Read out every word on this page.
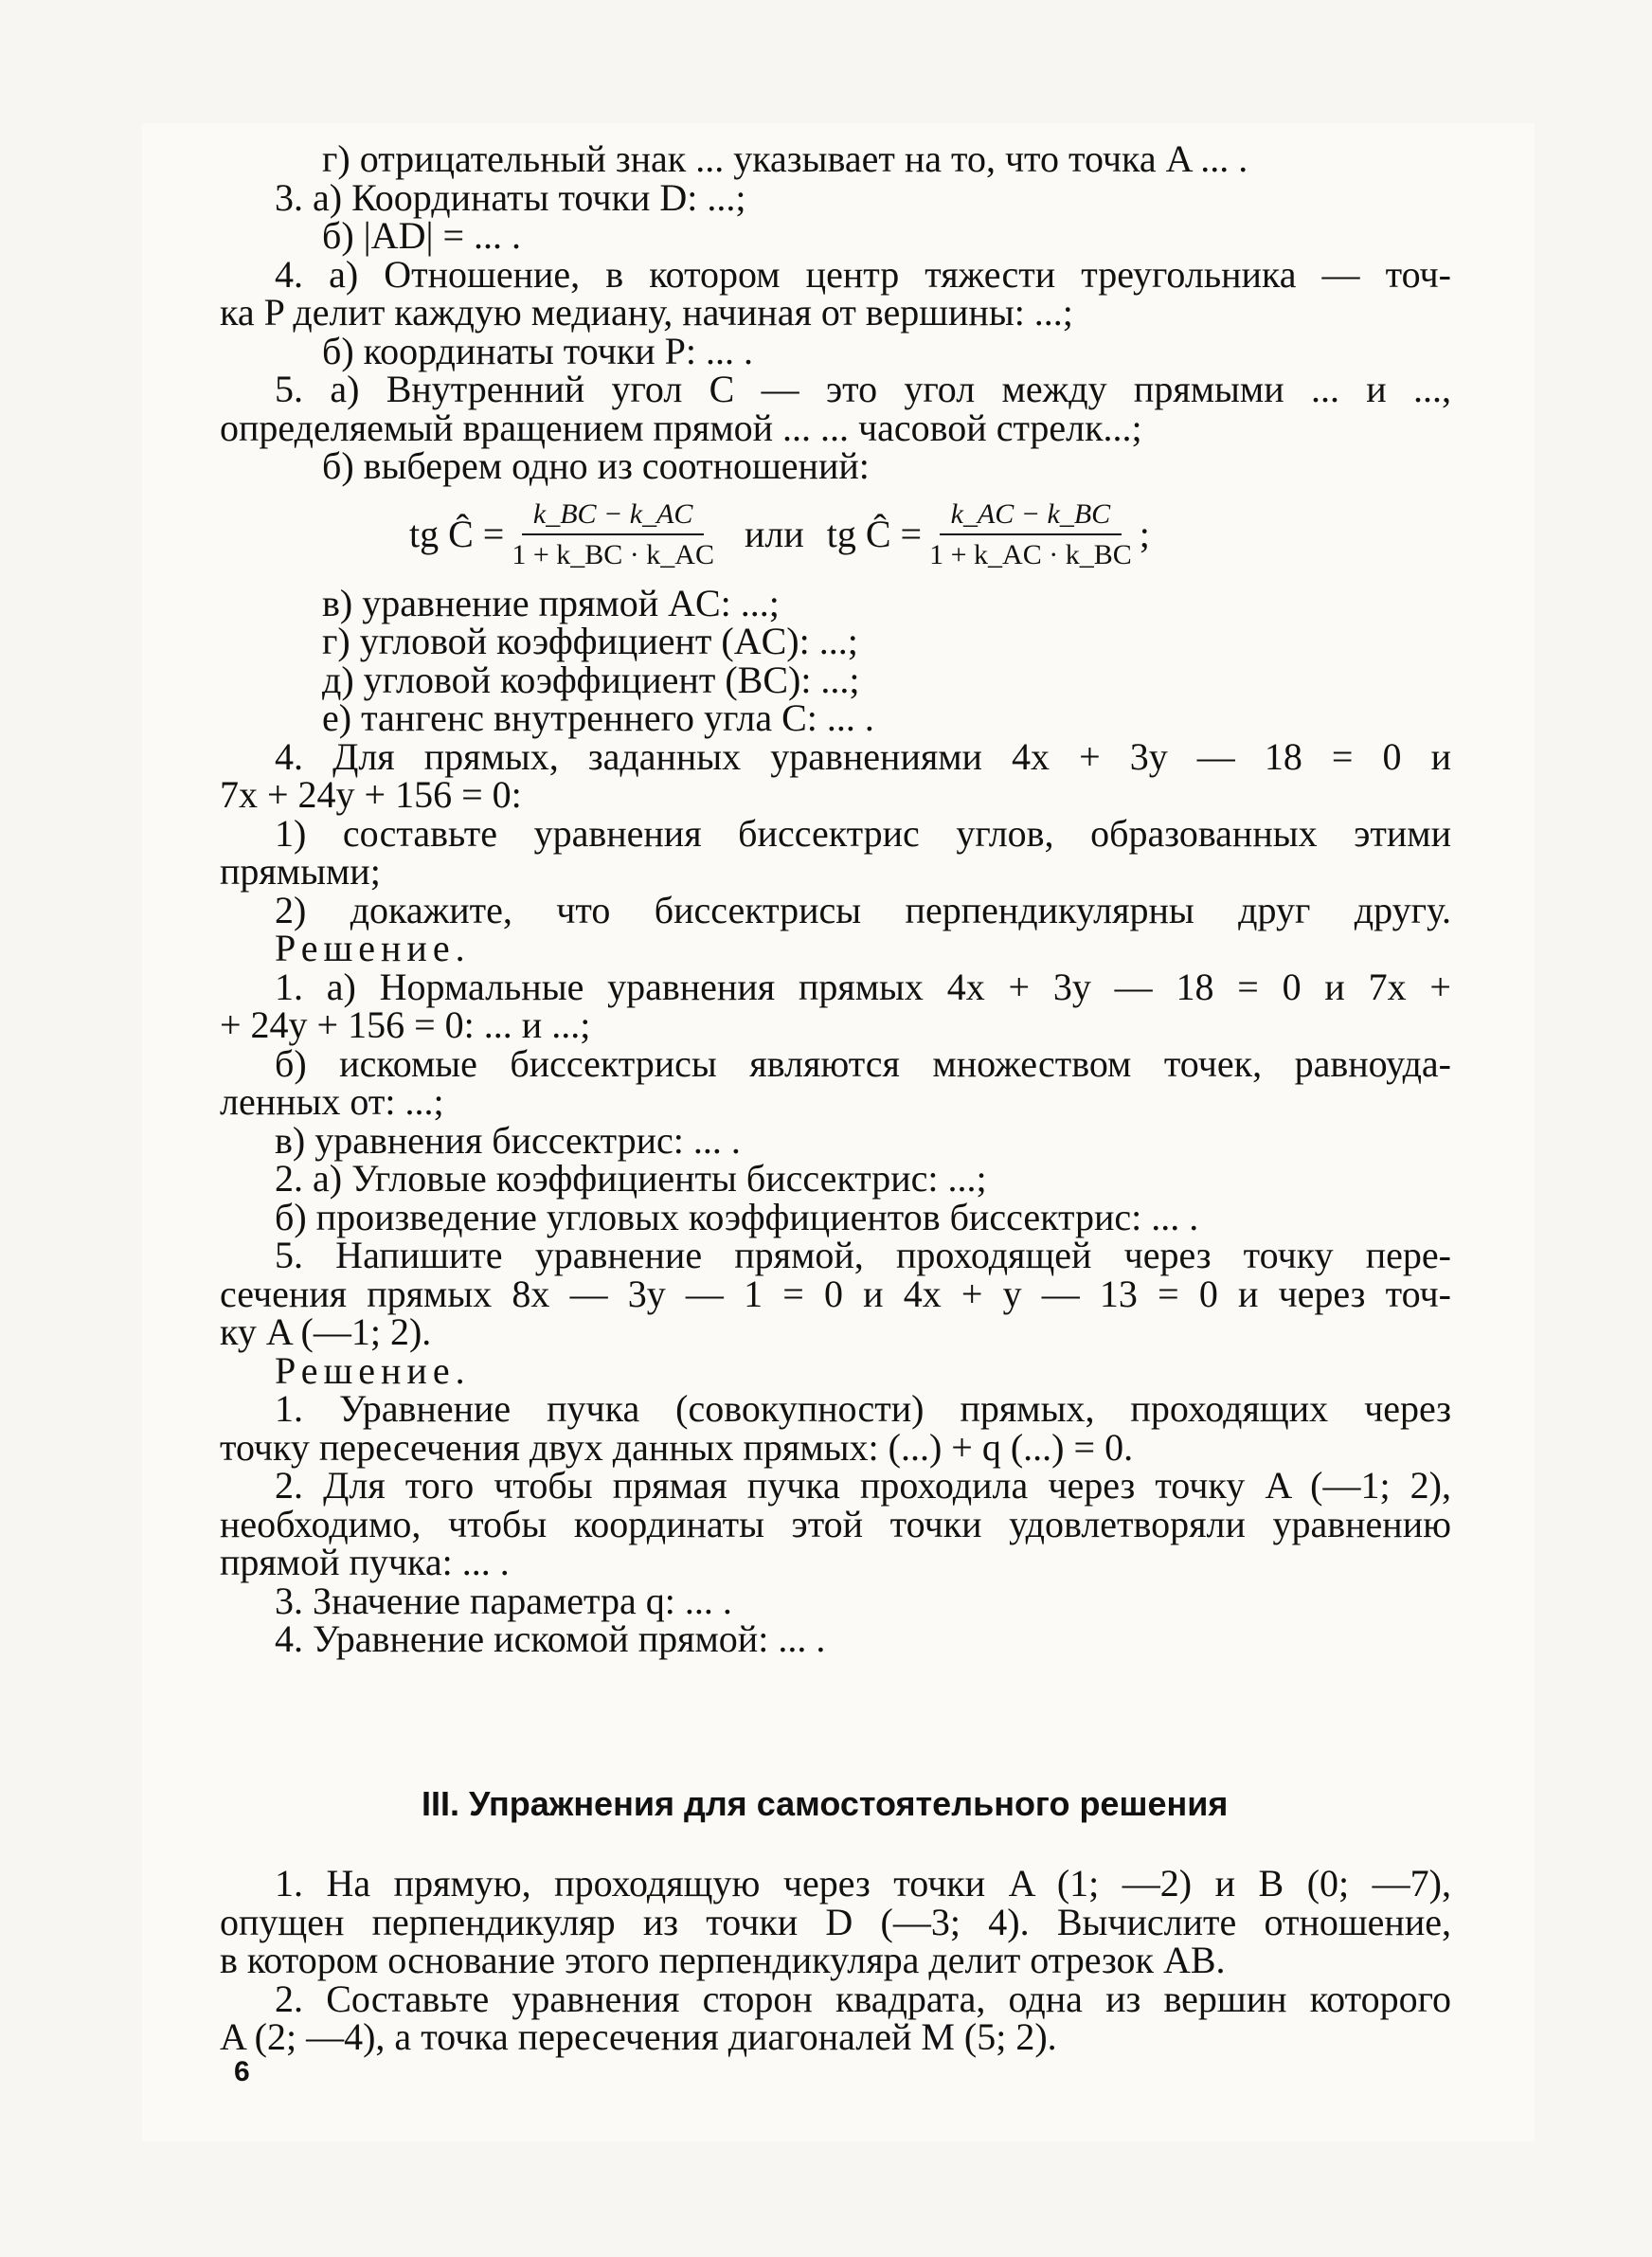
г) отрицательный знак ... указывает на то, что точка A ... .
3. а) Координаты точки D: ...;
б) |AD| = ... .
4. а) Отношение, в котором центр тяжести треугольника — точ-
ка P делит каждую медиану, начиная от вершины: ...;
б) координаты точки P: ... .
5. а) Внутренний угол C — это угол между прямыми ... и ...,
определяемый вращением прямой ... ... часовой стрелк...;
б) выберем одно из соотношений:
tg Ĉ = $\frac{k\_BC - k\_AC}{1 + k\_BC \cdot k\_AC}$ или tg Ĉ = $\frac{k\_AC - k\_BC}{1 + k\_AC \cdot k\_BC}$ ;
в) уравнение прямой AC: ...;
г) угловой коэффициент (AC): ...;
д) угловой коэффициент (BC): ...;
е) тангенс внутреннего угла C: ... .
4. Для прямых, заданных уравнениями 4x + 3y — 18 = 0 и
7x + 24y + 156 = 0:
1) составьте уравнения биссектрис углов, образованных этими
прямыми;
2) докажите, что биссектрисы перпендикулярны друг другу.
Решение.
1. а) Нормальные уравнения прямых 4x + 3y — 18 = 0 и 7x +
+ 24y + 156 = 0: ... и ...;
б) искомые биссектрисы являются множеством точек, равноуда-
ленных от: ...;
в) уравнения биссектрис: ... .
2. а) Угловые коэффициенты биссектрис: ...;
б) произведение угловых коэффициентов биссектрис: ... .
5. Напишите уравнение прямой, проходящей через точку пере-
сечения прямых 8x — 3y — 1 = 0 и 4x + y — 13 = 0 и через точ-
ку A (—1; 2).
Решение.
1. Уравнение пучка (совокупности) прямых, проходящих через
точку пересечения двух данных прямых: (...) + q (...) = 0.
2. Для того чтобы прямая пучка проходила через точку A (—1; 2),
необходимо, чтобы координаты этой точки удовлетворяли уравнению
прямой пучка: ... .
3. Значение параметра q: ... .
4. Уравнение искомой прямой: ... .
III. Упражнения для самостоятельного решения
1. На прямую, проходящую через точки A (1; —2) и B (0; —7),
опущен перпендикуляр из точки D (—3; 4). Вычислите отношение,
в котором основание этого перпендикуляра делит отрезок AB.
2. Составьте уравнения сторон квадрата, одна из вершин которого
A (2; —4), а точка пересечения диагоналей M (5; 2).
6
